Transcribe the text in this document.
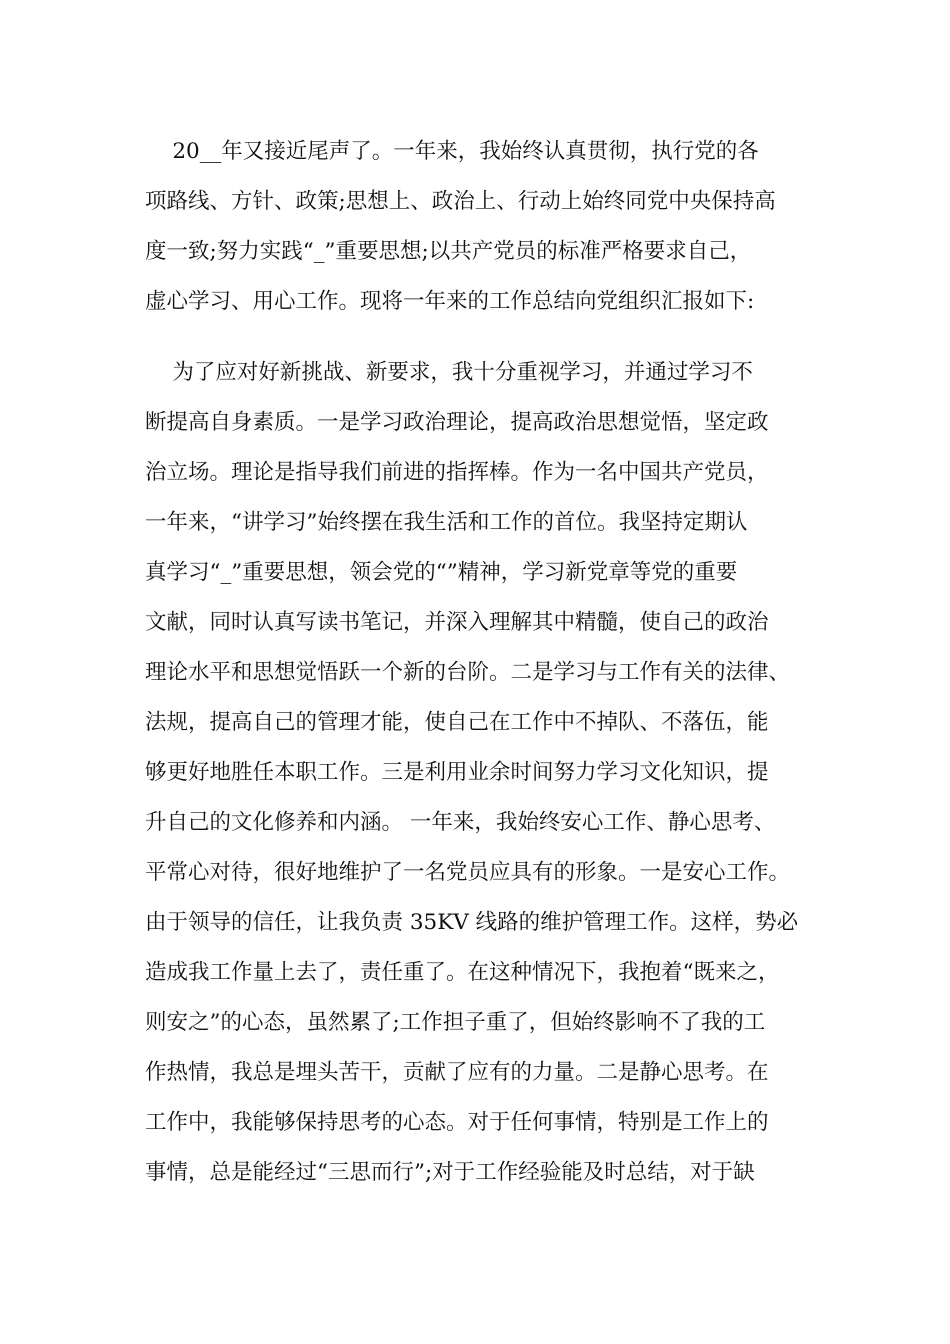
20__年又接近尾声了。一年来，我始终认真贯彻，执行党的各
项路线、方针、政策;思想上、政治上、行动上始终同党中央保持高
度一致;努力实践“_”重要思想;以共产党员的标准严格要求自己，
虚心学习、用心工作。现将一年来的工作总结向党组织汇报如下:
为了应对好新挑战、新要求，我十分重视学习，并通过学习不
断提高自身素质。一是学习政治理论，提高政治思想觉悟，坚定政
治立场。理论是指导我们前进的指挥棒。作为一名中国共产党员，
一年来，“讲学习”始终摆在我生活和工作的首位。我坚持定期认
真学习“_”重要思想，领会党的“”精神，学习新党章等党的重要
文献，同时认真写读书笔记，并深入理解其中精髓，使自己的政治
理论水平和思想觉悟跃一个新的台阶。二是学习与工作有关的法律、
法规，提高自己的管理才能，使自己在工作中不掉队、不落伍，能
够更好地胜任本职工作。三是利用业余时间努力学习文化知识，提
升自己的文化修养和内涵。 一年来，我始终安心工作、静心思考、
平常心对待，很好地维护了一名党员应具有的形象。一是安心工作。
由于领导的信任，让我负责 35KV 线路的维护管理工作。这样，势必
造成我工作量上去了，责任重了。在这种情况下，我抱着“既来之，
则安之”的心态，虽然累了;工作担子重了，但始终影响不了我的工
作热情，我总是埋头苦干，贡献了应有的力量。二是静心思考。在
工作中，我能够保持思考的心态。对于任何事情，特别是工作上的
事情，总是能经过“三思而行”;对于工作经验能及时总结，对于缺
